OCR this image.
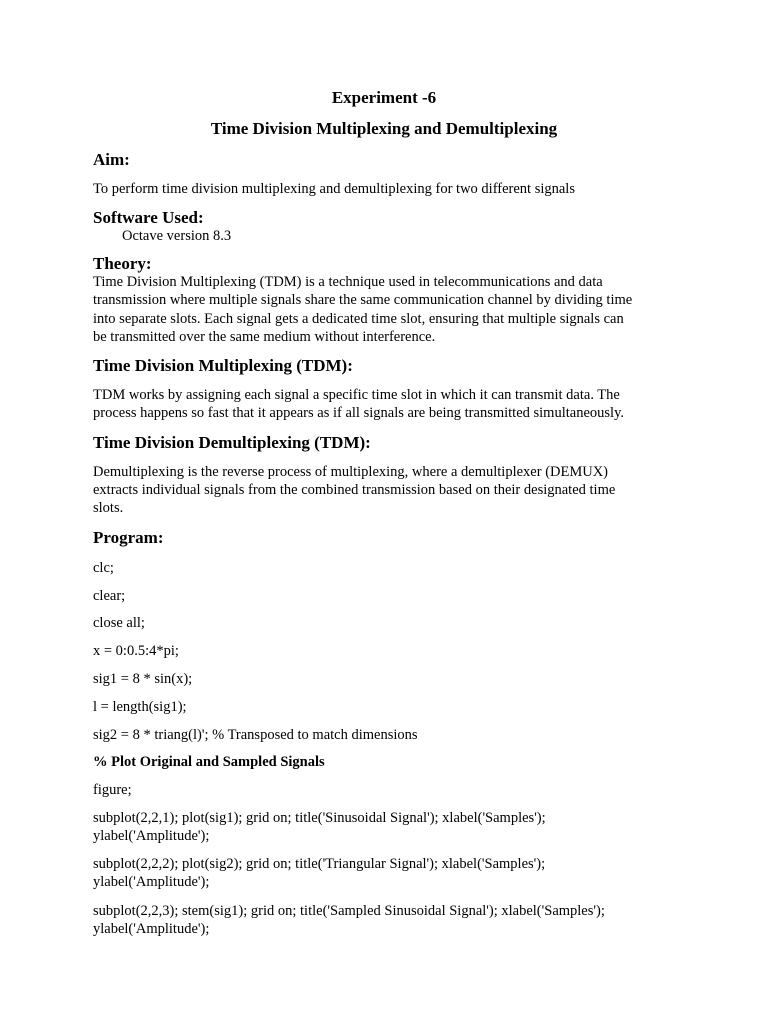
Experiment -6
Time Division Multiplexing and Demultiplexing
Aim:
To perform time division multiplexing and demultiplexing for two different signals
Software Used:
Octave version 8.3
Theory:
Time Division Multiplexing (TDM) is a technique used in telecommunications and data
transmission where multiple signals share the same communication channel by dividing time
into separate slots. Each signal gets a dedicated time slot, ensuring that multiple signals can
be transmitted over the same medium without interference.
Time Division Multiplexing (TDM):
TDM works by assigning each signal a specific time slot in which it can transmit data. The
process happens so fast that it appears as if all signals are being transmitted simultaneously.
Time Division Demultiplexing (TDM):
Demultiplexing is the reverse process of multiplexing, where a demultiplexer (DEMUX)
extracts individual signals from the combined transmission based on their designated time
slots.
Program:
clc;
clear;
close all;
x = 0:0.5:4*pi;
sig1 = 8 * sin(x);
l = length(sig1);
sig2 = 8 * triang(l)'; % Transposed to match dimensions
% Plot Original and Sampled Signals
figure;
subplot(2,2,1); plot(sig1); grid on; title('Sinusoidal Signal'); xlabel('Samples');
ylabel('Amplitude');
subplot(2,2,2); plot(sig2); grid on; title('Triangular Signal'); xlabel('Samples');
ylabel('Amplitude');
subplot(2,2,3); stem(sig1); grid on; title('Sampled Sinusoidal Signal'); xlabel('Samples');
ylabel('Amplitude');
